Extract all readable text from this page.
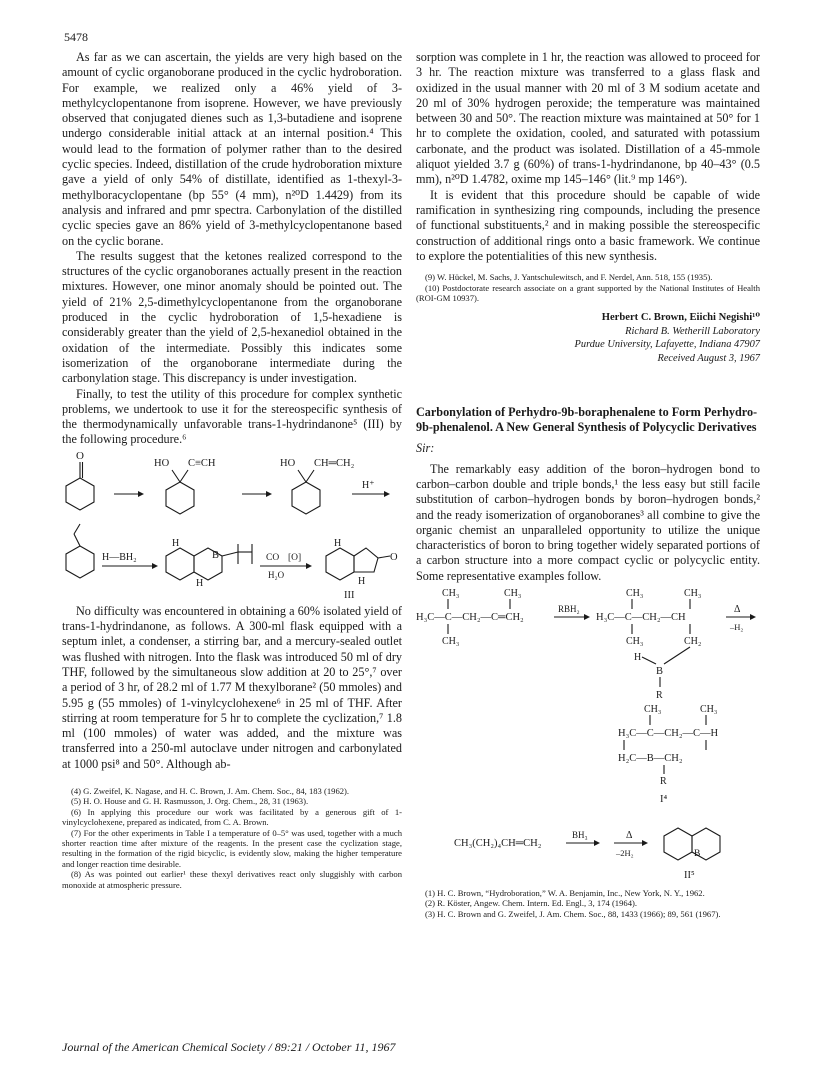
5478

As far as we can ascertain, the yields are very high based on the amount of cyclic organoborane produced in the cyclic hydroboration. For example, we realized only a 46% yield of 3-methylcyclopentanone from isoprene. However, we have previously observed that conjugated dienes such as 1,3-butadiene and isoprene undergo considerable initial attack at an internal position.⁴ This would lead to the formation of polymer rather than to the desired cyclic species. Indeed, distillation of the crude hydroboration mixture gave a yield of only 54% of distillate, identified as 1-thexyl-3-methylboracyclopentane (bp 55° (4 mm), n²⁰D 1.4429) from its analysis and infrared and pmr spectra. Carbonylation of the distilled cyclic species gave an 86% yield of 3-methylcyclopentanone based on the cyclic borane.

The results suggest that the ketones realized correspond to the structures of the cyclic organoboranes actually present in the reaction mixtures. However, one minor anomaly should be pointed out. The yield of 21% 2,5-dimethylcyclopentanone from the organoborane produced in the cyclic hydroboration of 1,5-hexadiene is considerably greater than the yield of 2,5-hexanediol obtained in the oxidation of the intermediate. Possibly this indicates some isomerization of the organoborane intermediate during the carbonylation stage. This discrepancy is under investigation.

Finally, to test the utility of this procedure for complex synthetic problems, we undertook to use it for the stereospecific synthesis of the thermodynamically unfavorable trans-1-hydrindanone⁵ (III) by the following procedure.⁶

O
HO C≡CH	HO CH═CH₂
H⁺
H—BH₂
H
B
H
CO [O]
H₂O
H
O
H
III

No difficulty was encountered in obtaining a 60% isolated yield of trans-1-hydrindanone, as follows. A 300-ml flask equipped with a septum inlet, a condenser, a stirring bar, and a mercury-sealed outlet was flushed with nitrogen. Into the flask was introduced 50 ml of dry THF, followed by the simultaneous slow addition at 20 to 25°,⁷ over a period of 3 hr, of 28.2 ml of 1.77 M thexylborane² (50 mmoles) and 5.95 g (55 mmoles) of 1-vinylcyclohexene⁶ in 25 ml of THF. After stirring at room temperature for 5 hr to complete the cyclization,⁷ 1.8 ml (100 mmoles) of water was added, and the mixture was transferred into a 250-ml autoclave under nitrogen and carbonylated at 1000 psi⁸ and 50°. Although ab-

(4) G. Zweifel, K. Nagase, and H. C. Brown, J. Am. Chem. Soc., 84, 183 (1962).

(5) H. O. House and G. H. Rasmusson, J. Org. Chem., 28, 31 (1963).

(6) In applying this procedure our work was facilitated by a generous gift of 1-vinylcyclohexene, prepared as indicated, from C. A. Brown.

(7) For the other experiments in Table I a temperature of 0–5° was used, together with a much shorter reaction time after mixture of the reagents. In the present case the cyclization stage, resulting in the formation of the rigid bicyclic, is evidently slow, making the higher temperature and longer reaction time desirable.

(8) As was pointed out earlier¹ these thexyl derivatives react only sluggishly with carbon monoxide at atmospheric pressure.

sorption was complete in 1 hr, the reaction was allowed to proceed for 3 hr. The reaction mixture was transferred to a glass flask and oxidized in the usual manner with 20 ml of 3 M sodium acetate and 20 ml of 30% hydrogen peroxide; the temperature was maintained between 30 and 50°. The reaction mixture was maintained at 50° for 1 hr to complete the oxidation, cooled, and saturated with potassium carbonate, and the product was isolated. Distillation of a 45-mmole aliquot yielded 3.7 g (60%) of trans-1-hydrindanone, bp 40–43° (0.5 mm), n²⁰D 1.4782, oxime mp 145–146° (lit.⁹ mp 146°).

It is evident that this procedure should be capable of wide ramification in synthesizing ring compounds, including the presence of functional substituents,² and in making possible the stereospecific construction of additional rings onto a basic framework. We continue to explore the potentialities of this new synthesis.

(9) W. Hückel, M. Sachs, J. Yantschulewitsch, and F. Nerdel, Ann. 518, 155 (1935).

(10) Postdoctorate research associate on a grant supported by the National Institutes of Health (ROI-GM 10937).

Herbert C. Brown, Eiichi Negishi¹⁰
Richard B. Wetherill Laboratory
Purdue University, Lafayette, Indiana 47907
Received August 3, 1967
Carbonylation of Perhydro-9b-boraphenalene to Form Perhydro-9b-phenalenol. A New General Synthesis of Polycyclic Derivatives
Sir:

The remarkably easy addition of the boron–hydrogen bond to carbon–carbon double and triple bonds,¹ the less easy but still facile substitution of carbon–hydrogen bonds by boron–hydrogen bonds,² and the ready isomerization of organoboranes³ all combine to give the organic chemist an unparalleled opportunity to utilize the unique characteristics of boron to bring together widely separated portions of a carbon structure into a more compact cyclic or polycyclic entity. Some representative examples follow.

CH₃	CH₃
H₃C—C—CH₂—C═CH₂
CH₃
RBH₂
CH₃	CH₃
H₃C—C—CH₂—CH
Δ
–H₂
CH₃	CH₂
H
B
R
CH₃	CH₃
H₃C—C—CH₂—C—H
H₂C—B—CH₂
R
I⁴
CH₃(CH₂)₄CH═CH₂
BH₃	Δ
–2H₂	B
II⁵

(1) H. C. Brown, “Hydroboration,” W. A. Benjamin, Inc., New York, N. Y., 1962.

(2) R. Köster, Angew. Chem. Intern. Ed. Engl., 3, 174 (1964).

(3) H. C. Brown and G. Zweifel, J. Am. Chem. Soc., 88, 1433 (1966); 89, 561 (1967).

Journal of the American Chemical Society / 89:21 / October 11, 1967
